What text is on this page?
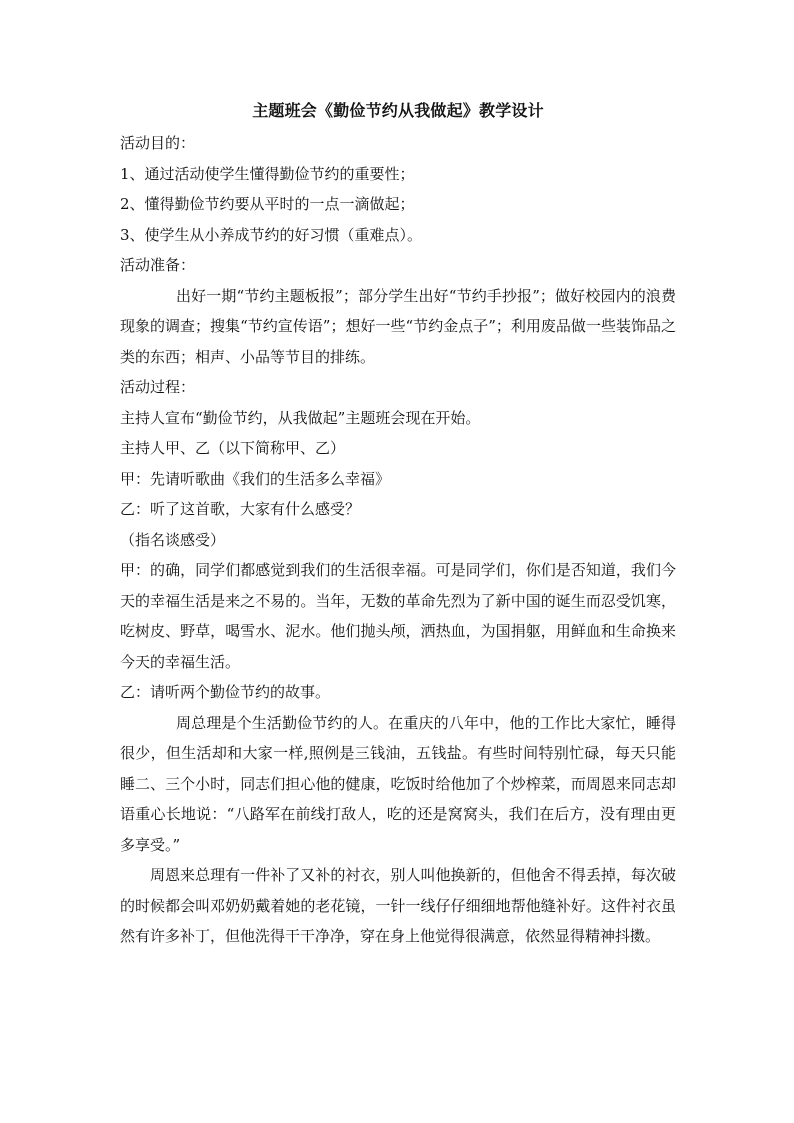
主题班会《勤俭节约从我做起》教学设计

活动目的：

1、通过活动使学生懂得勤俭节约的重要性；

2、懂得勤俭节约要从平时的一点一滴做起；

3、使学生从小养成节约的好习惯（重难点）。

活动准备：

出好一期“节约主题板报”；部分学生出好“节约手抄报”；做好校园内的浪费现象的调查；搜集“节约宣传语”；想好一些“节约金点子”；利用废品做一些装饰品之类的东西；相声、小品等节目的排练。

活动过程：

主持人宣布“勤俭节约，从我做起”主题班会现在开始。

主持人甲、乙（以下简称甲、乙）

甲：先请听歌曲《我们的生活多么幸福》

乙：听了这首歌，大家有什么感受？

（指名谈感受）

甲：的确，同学们都感觉到我们的生活很幸福。可是同学们，你们是否知道，我们今天的幸福生活是来之不易的。当年，无数的革命先烈为了新中国的诞生而忍受饥寒，吃树皮、野草，喝雪水、泥水。他们抛头颅，洒热血，为国捐躯，用鲜血和生命换来今天的幸福生活。

乙：请听两个勤俭节约的故事。

周总理是个生活勤俭节约的人。在重庆的八年中，他的工作比大家忙，睡得很少，但生活却和大家一样,照例是三钱油，五钱盐。有些时间特别忙碌，每天只能睡二、三个小时，同志们担心他的健康，吃饭时给他加了个炒榨菜，而周恩来同志却语重心长地说：“八路军在前线打敌人，吃的还是窝窝头，我们在后方，没有理由更多享受。”

周恩来总理有一件补了又补的衬衣，别人叫他换新的，但他舍不得丢掉，每次破的时候都会叫邓奶奶戴着她的老花镜，一针一线仔仔细细地帮他缝补好。这件衬衣虽然有许多补丁，但他洗得干干净净，穿在身上他觉得很满意，依然显得精神抖擞。
